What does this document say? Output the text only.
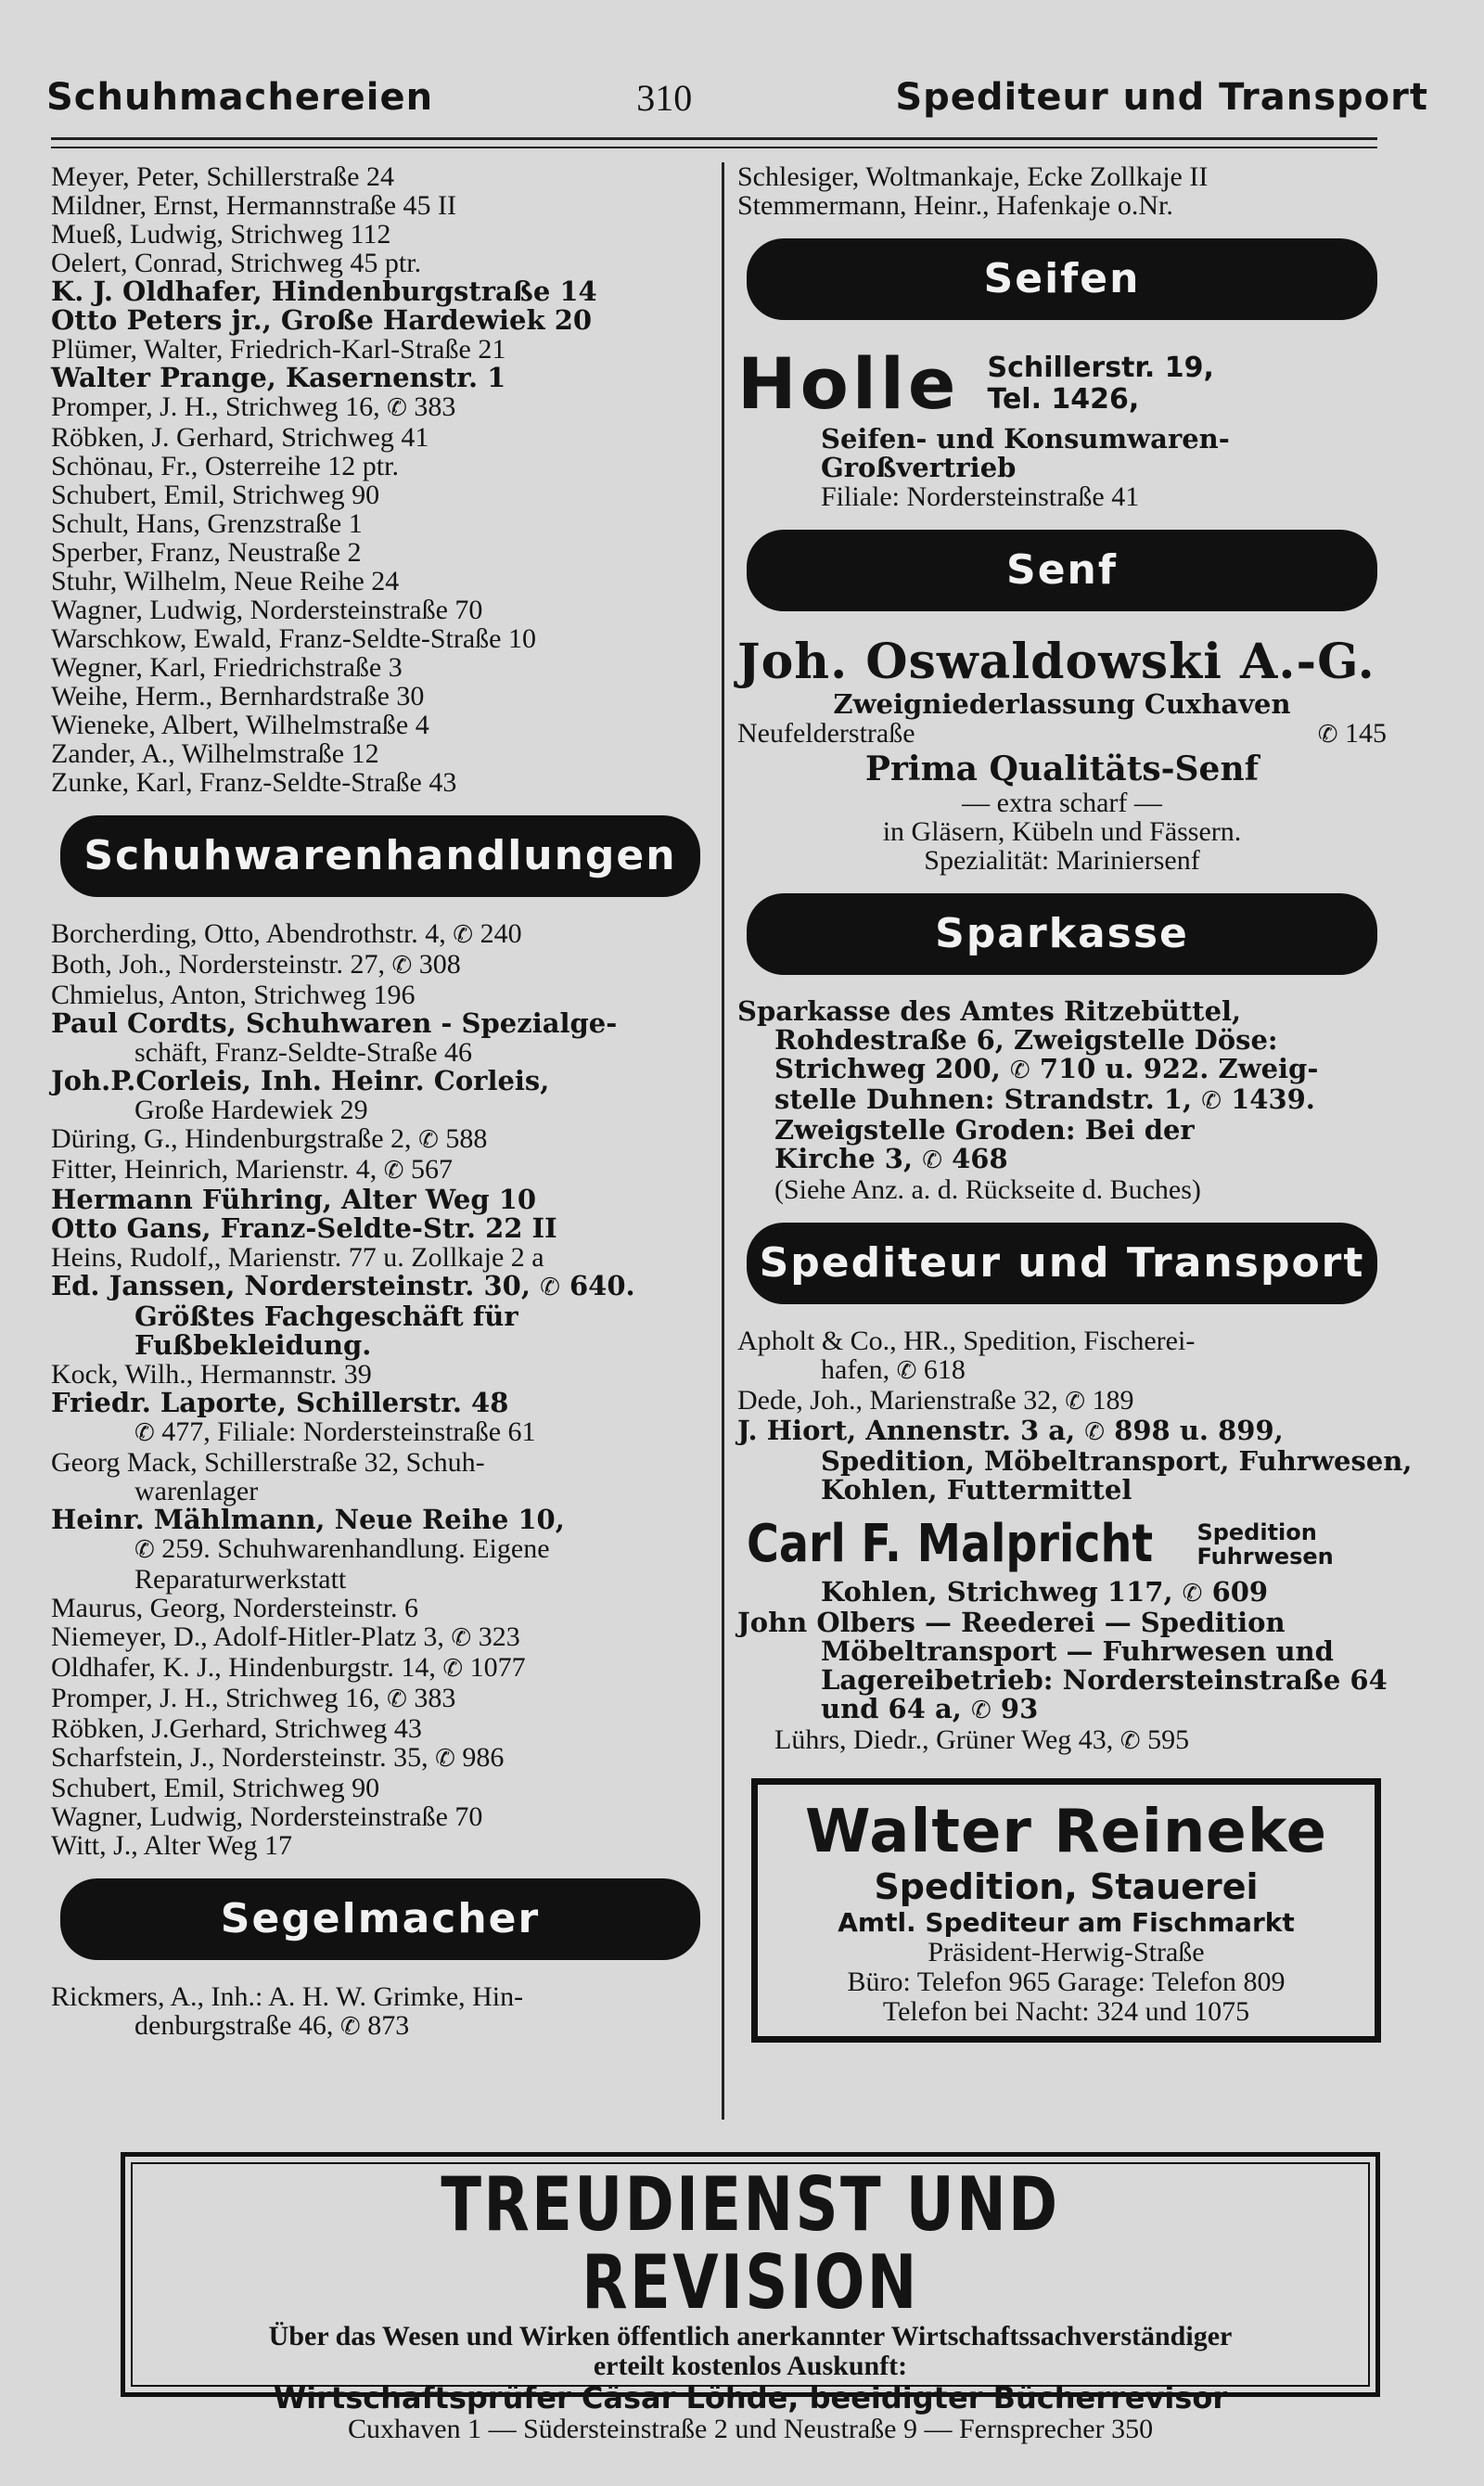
Schuhmachereien	310	Spediteur und Transport
Meyer, Peter, Schillerstraße 24
Mildner, Ernst, Hermannstraße 45 II
Mueß, Ludwig, Strichweg 112
Oelert, Conrad, Strichweg 45 ptr.
K. J. Oldhafer, Hindenburgstraße 14
Otto Peters jr., Große Hardewiek 20
Plümer, Walter, Friedrich-Karl-Straße 21
Walter Prange, Kasernenstr. 1
Promper, J. H., Strichweg 16, ✆ 383
Röbken, J. Gerhard, Strichweg 41
Schönau, Fr., Osterreihe 12 ptr.
Schubert, Emil, Strichweg 90
Schult, Hans, Grenzstraße 1
Sperber, Franz, Neustraße 2
Stuhr, Wilhelm, Neue Reihe 24
Wagner, Ludwig, Norderstеinstraße 70
Warschkow, Ewald, Franz-Seldte-Straße 10
Wegner, Karl, Friedrichstraße 3
Weihe, Herm., Bernhardstraße 30
Wieneke, Albert, Wilhelmstraße 4
Zander, A., Wilhelmstraße 12
Zunke, Karl, Franz-Seldte-Straße 43
Schuhwarenhandlungen
Borcherding, Otto, Abendrothstr. 4, ✆ 240
Both, Joh., Nordersteinstr. 27, ✆ 308
Chmielus, Anton, Strichweg 196
Paul Cordts, Schuhwaren - Spezialge-
schäft, Franz-Seldte-Straße 46
Joh.P.Corleis, Inh. Heinr. Corleis,
Große Hardewiek 29
Düring, G., Hindenburgstraße 2, ✆ 588
Fitter, Heinrich, Marienstr. 4, ✆ 567
Hermann Führing, Alter Weg 10
Otto Gans, Franz-Seldte-Str. 22 II
Heins, Rudolf,, Marienstr. 77 u. Zollkaje 2 a
Ed. Janssen, Nordersteinstr. 30, ✆ 640.
Größtes Fachgeschäft für
Fußbekleidung.
Kock, Wilh., Hermannstr. 39
Friedr. Laporte, Schillerstr. 48
✆ 477, Filiale: Nordersteinstraße 61
Georg Mack, Schillerstraße 32, Schuh-
warenlager
Heinr. Mählmann, Neue Reihe 10,
✆ 259. Schuhwarenhandlung. Eigene
Reparaturwerkstatt
Maurus, Georg, Nordersteinstr. 6
Niemeyer, D., Adolf-Hitler-Platz 3, ✆ 323
Oldhafer, K. J., Hindenburgstr. 14, ✆ 1077
Promper, J. H., Strichweg 16, ✆ 383
Röbken, J.Gerhard, Strichweg 43
Scharfstein, J., Nordersteinstr. 35, ✆ 986
Schubert, Emil, Strichweg 90
Wagner, Ludwig, Nordersteinstraße 70
Witt, J., Alter Weg 17
Segelmacher
Rickmers, A., Inh.: A. H. W. Grimke, Hin-
denburgstraße 46, ✆ 873
Schlesiger, Woltmankaje, Ecke Zollkaje II
Stemmermann, Heinr., Hafenkaje o.Nr.
Seifen
Holle Schillerstr. 19,
Tel. 1426,
Seifen- und Konsumwaren-
Großvertrieb
Filiale: Nordersteinstraße 41
Senf
Joh. Oswaldowski A.-G.
Zweigniederlassung Cuxhaven
Neufelderstraße	✆ 145
Prima Qualitäts-Senf
— extra scharf —
in Gläsern, Kübeln und Fässern.
Spezialität: Mariniersenf
Sparkasse
Sparkasse des Amtes Ritzebüttel,
Rohdestraße 6, Zweigstelle Döse:
Strichweg 200, ✆ 710 u. 922. Zweig-
stelle Duhnen: Strandstr. 1, ✆ 1439.
Zweigstelle Groden: Bei der
Kirche 3, ✆ 468
(Siehe Anz. a. d. Rückseite d. Buches)
Spediteur und Transport
Apholt & Co., HR., Spedition, Fischerei-
hafen, ✆ 618
Dede, Joh., Marienstraße 32, ✆ 189
J. Hiort, Annenstr. 3 a, ✆ 898 u. 899,
Spedition, Möbeltransport, Fuhrwesen,
Kohlen, Futtermittel
Carl F. Malpricht Spedition
Fuhrwesen
Kohlen, Strichweg 117, ✆ 609
John Olbers — Reederei — Spedition
Möbeltransport — Fuhrwesen und
Lagereibetrieb: Nordersteinstraße 64
und 64 a, ✆ 93
Lührs, Diedr., Grüner Weg 43, ✆ 595
Walter Reineke
Spedition, Stauerei
Amtl. Spediteur am Fischmarkt
Präsident-Herwig-Straße
Büro: Telefon 965 Garage: Telefon 809
Telefon bei Nacht: 324 und 1075
TREUDIENST UND REVISION
Über das Wesen und Wirken öffentlich anerkannter Wirtschaftssachverständiger
erteilt kostenlos Auskunft:
Wirtschaftsprüfer Cäsar Löhde, beeidigter Bücherrevisor
Cuxhaven 1 — Südersteinstraße 2 und Neustraße 9 — Fernsprecher 350
